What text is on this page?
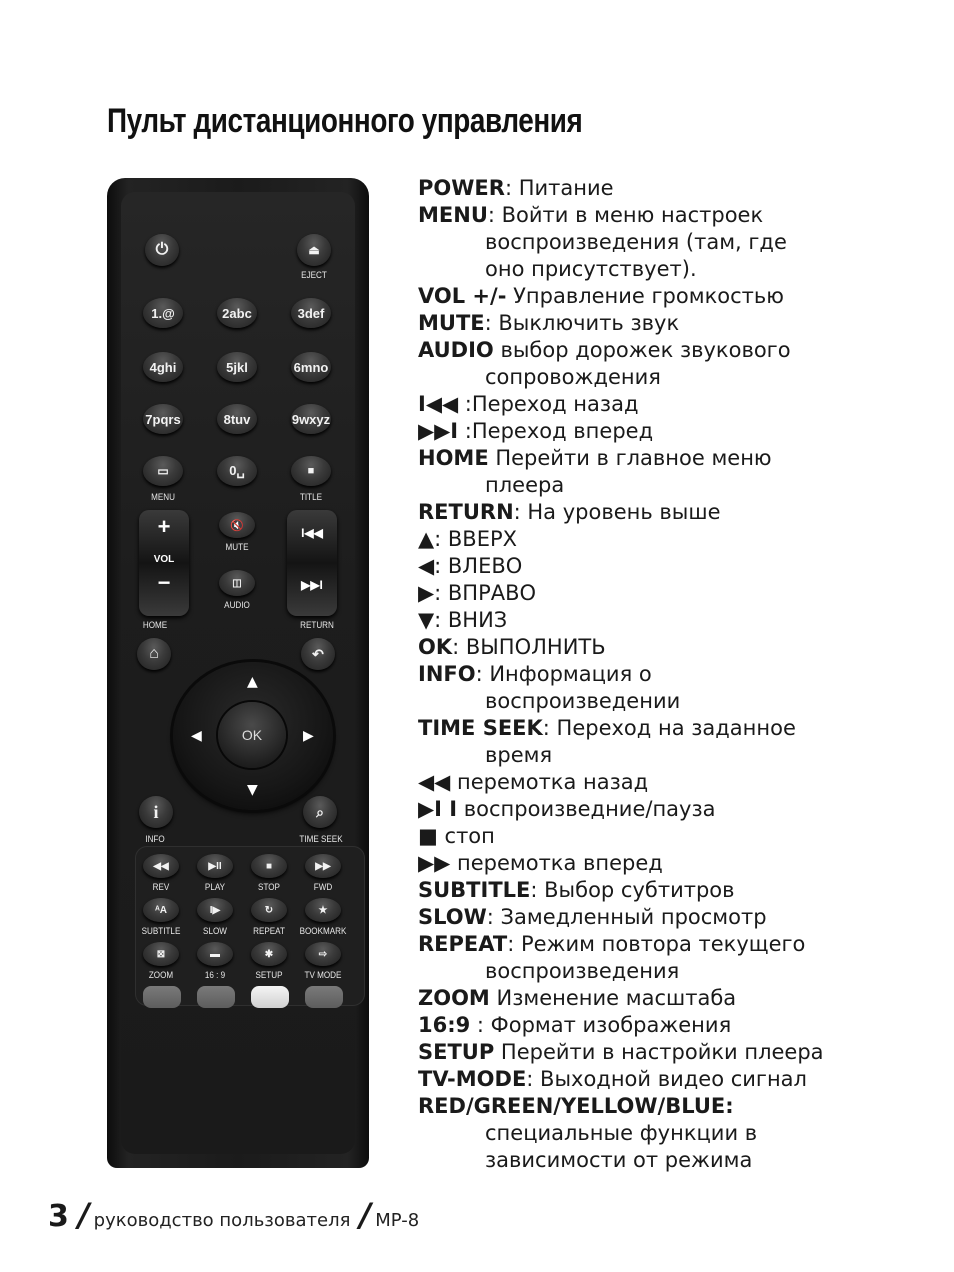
Пульт дистанционного управления
⏻	⏏
EJECT
1.@	2abc	3def
4ghi	5jkl	6mno
7pqrs	8tuv	9wxyz
▭	0␣	■
MENU	TITLE
+
VOL
−
🔇
MUTE
◫
AUDIO
I◀◀
▶▶I
HOME	RETURN
⌂	↶
▲
▼
◀	▶
OK
i	⌕
INFO	TIME SEEK
◀◀	▶II	■	▶▶
REV	PLAY	STOP	FWD
ᴬA	I▶	↻	★
SUBTITLE	SLOW	REPEAT	BOOKMARK
⊠	▬	✱	⇨
ZOOM	16 : 9	SETUP	TV MODE
POWER: Питание
MENU: Войти в меню настроек
воспроизведения (там, где
оно присутствует).
VOL +/- Управление громкостью
MUTE: Выключить звук
AUDIO выбор дорожек звукового
сопровождения
I◀◀ :Переход назад
▶▶I :Переход вперед
HOME Перейти в главное меню
плеера
RETURN: На уровень выше
▲: ВВЕРХ
◀: ВЛЕВО
▶: ВПРАВО
▼: ВНИЗ
OK: ВЫПОЛНИТЬ
INFO: Информация о
воспроизведении
TIME SEEK: Переход на заданное
время
◀◀ перемотка назад
▶I I воспроизведние/пауза
■ стоп
▶▶ перемотка вперед
SUBTITLE: Выбор субтитров
SLOW: Замедленный просмотр
REPEAT: Режим повтора текущего
воспроизведения
ZOOM Изменение масштаба
16:9 : Формат изображения
SETUP Перейти в настройки плеера
TV-MODE: Выходной видео сигнал
RED/GREEN/YELLOW/BLUE:
специальные функции в
зависимости от режима
3 / руководство пользователя / MP-8
